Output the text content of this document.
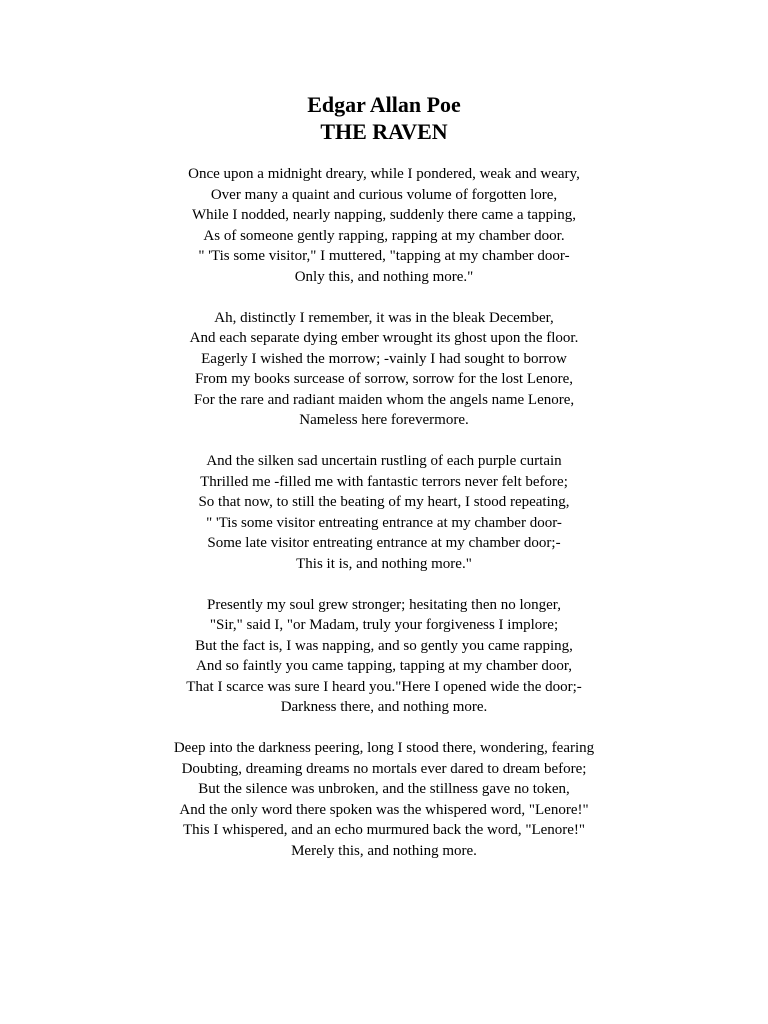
Edgar Allan Poe
THE RAVEN
Once upon a midnight dreary, while I pondered, weak and weary,
Over many a quaint and curious volume of forgotten lore,
While I nodded, nearly napping, suddenly there came a tapping,
As of someone gently rapping, rapping at my chamber door.
" 'Tis some visitor," I muttered, "tapping at my chamber door-
Only this, and nothing more."
Ah, distinctly I remember, it was in the bleak December,
And each separate dying ember wrought its ghost upon the floor.
Eagerly I wished the morrow; -vainly I had sought to borrow
From my books surcease of sorrow, sorrow for the lost Lenore,
For the rare and radiant maiden whom the angels name Lenore,
Nameless here forevermore.
And the silken sad uncertain rustling of each purple curtain
Thrilled me -filled me with fantastic terrors never felt before;
So that now, to still the beating of my heart, I stood repeating,
" 'Tis some visitor entreating entrance at my chamber door-
Some late visitor entreating entrance at my chamber door;-
This it is, and nothing more."
Presently my soul grew stronger; hesitating then no longer,
"Sir," said I, "or Madam, truly your forgiveness I implore;
But the fact is, I was napping, and so gently you came rapping,
And so faintly you came tapping, tapping at my chamber door,
That I scarce was sure I heard you."Here I opened wide the door;-
Darkness there, and nothing more.
Deep into the darkness peering, long I stood there, wondering, fearing
Doubting, dreaming dreams no mortals ever dared to dream before;
But the silence was unbroken, and the stillness gave no token,
And the only word there spoken was the whispered word, "Lenore!"
This I whispered, and an echo murmured back the word, "Lenore!"
Merely this, and nothing more.
